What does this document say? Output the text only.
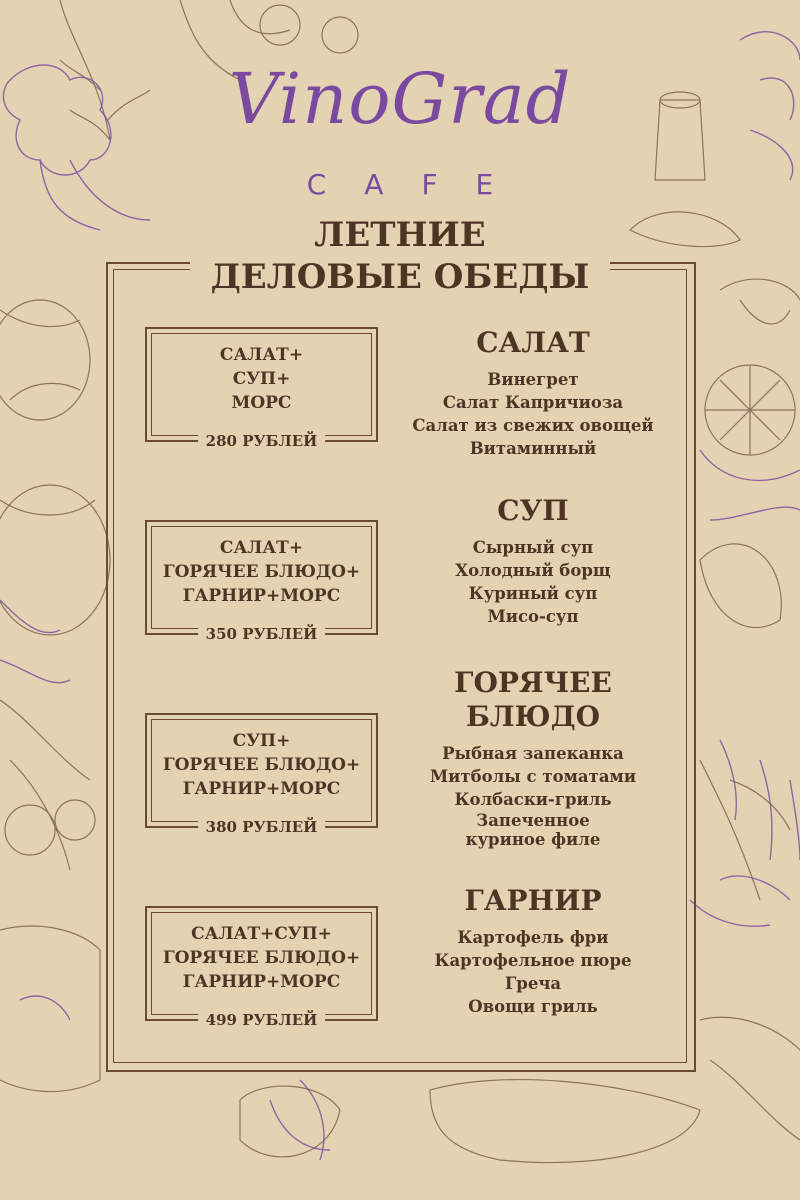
VinoGrad
CAFE
ЛЕТНИЕ
ДЕЛОВЫЕ ОБЕДЫ
САЛАТ+
СУП+
МОРС
280 РУБЛЕЙ
САЛАТ+
ГОРЯЧЕЕ БЛЮДО+
ГАРНИР+МОРС
350 РУБЛЕЙ
СУП+
ГОРЯЧЕЕ БЛЮДО+
ГАРНИР+МОРС
380 РУБЛЕЙ
САЛАТ+СУП+
ГОРЯЧЕЕ БЛЮДО+
ГАРНИР+МОРС
499 РУБЛЕЙ
САЛАТ
Винегрет
Салат Капричиоза
Салат из свежих овощей
Витаминный
СУП
Сырный суп
Холодный борщ
Куриный суп
Мисо-суп
ГОРЯЧЕЕ
БЛЮДО
Рыбная запеканка
Митболы с томатами
Колбаски-гриль
Запеченное
куриное филе
ГАРНИР
Картофель фри
Картофельное пюре
Греча
Овощи гриль
